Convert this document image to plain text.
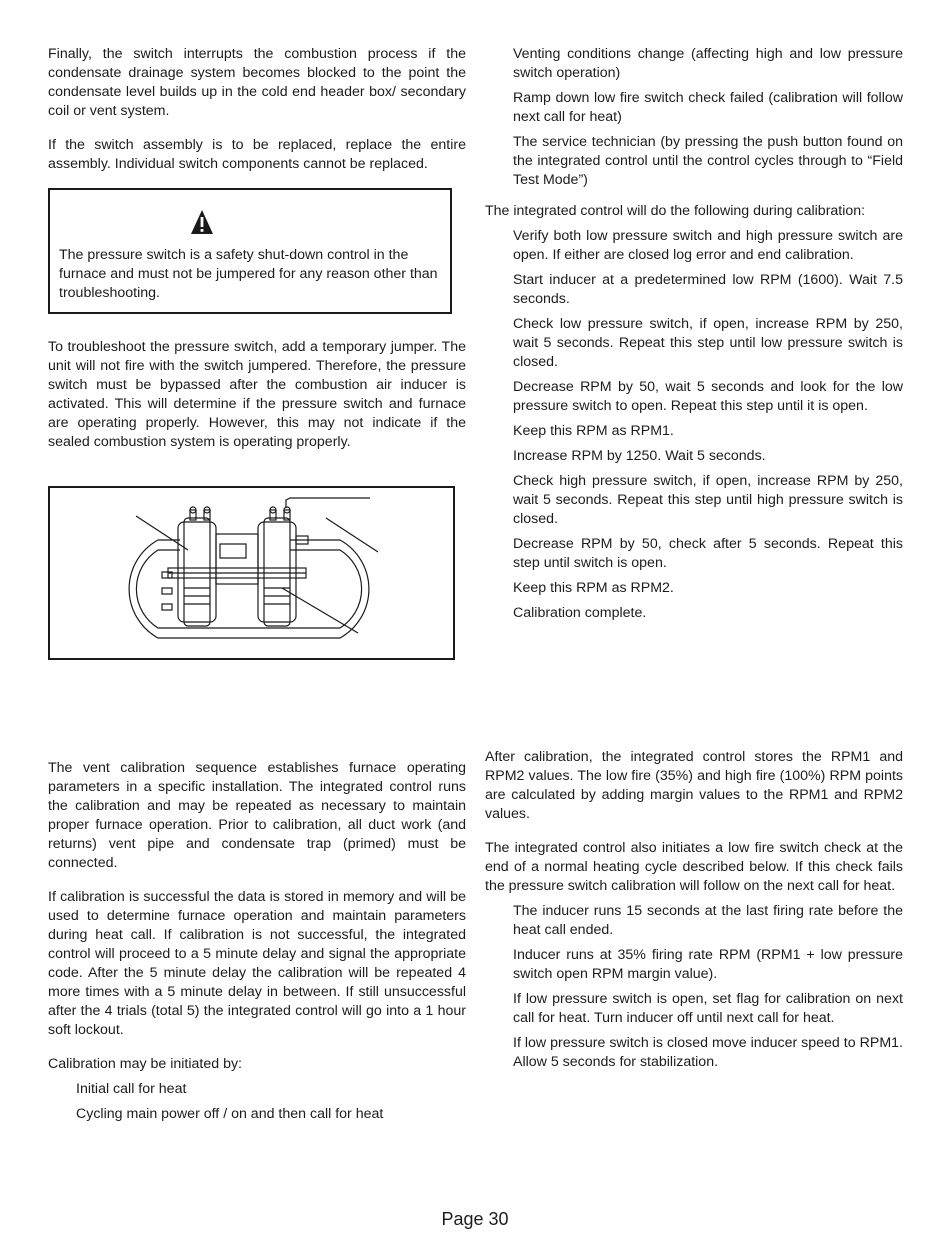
Finally, the switch interrupts the combustion process if the condensate drainage system becomes blocked to the point the condensate level builds up in the cold end header box/ secondary coil or vent system.

If the switch assembly is to be replaced, replace the entire assembly. Individual switch components cannot be replaced.

The pressure switch is a safety shut-down control in the furnace and must not be jumpered for any reason other than troubleshooting.

To troubleshoot the pressure switch, add a temporary jumper. The unit will not fire with the switch jumpered. Therefore, the pressure switch must be bypassed after the combustion air inducer is activated. This will determine if the pressure switch and furnace are operating properly. However, this may not indicate if the sealed combustion system is operating properly.

The vent calibration sequence establishes furnace operating parameters in a specific installation. The integrated control runs the calibration and may be repeated as necessary to maintain proper furnace operation. Prior to calibration, all duct work (and returns) vent pipe and condensate trap (primed) must be connected.

If calibration is successful the data is stored in memory and will be used to determine furnace operation and maintain parameters during heat call. If calibration is not successful, the integrated control will proceed to a 5 minute delay and signal the appropriate code. After the 5 minute delay the calibration will be repeated 4 more times with a 5 minute delay in between. If still unsuccessful after the 4 trials (total 5) the integrated control will go into a 1 hour soft lockout.

Calibration may be initiated by:

Initial call for heat

Cycling main power off / on and then call for heat

Venting conditions change (affecting high and low pressure switch operation)

Ramp down low fire switch check failed (calibration will follow next call for heat)

The service technician (by pressing the push button found on the integrated control until the control cycles through to “Field Test Mode”)

The integrated control will do the following during calibration:

Verify both low pressure switch and high pressure switch are open. If either are closed log error and end calibration.

Start inducer at a predetermined low RPM (1600). Wait 7.5 seconds.

Check low pressure switch, if open, increase RPM by 250, wait 5 seconds. Repeat this step until low pressure switch is closed.

Decrease RPM by 50, wait 5 seconds and look for the low pressure switch to open. Repeat this step until it is open.

Keep this RPM as RPM1.

Increase RPM by 1250. Wait 5 seconds.

Check high pressure switch, if open, increase RPM by 250, wait 5 seconds. Repeat this step until high pressure switch is closed.

Decrease RPM by 50, check after 5 seconds. Repeat this step until switch is open.

Keep this RPM as RPM2.

Calibration complete.

After calibration, the integrated control stores the RPM1 and RPM2 values. The low fire (35%) and high fire (100%) RPM points are calculated by adding margin values to the RPM1 and RPM2 values.

The integrated control also initiates a low fire switch check at the end of a normal heating cycle described below. If this check fails the pressure switch calibration will follow on the next call for heat.

The inducer runs 15 seconds at the last firing rate before the heat call ended.

Inducer runs at 35% firing rate RPM (RPM1 + low pressure switch open RPM margin value).

If low pressure switch is open, set flag for calibration on next call for heat. Turn inducer off until next call for heat.

If low pressure switch is closed move inducer speed to RPM1. Allow 5 seconds for stabilization.

Page 30
